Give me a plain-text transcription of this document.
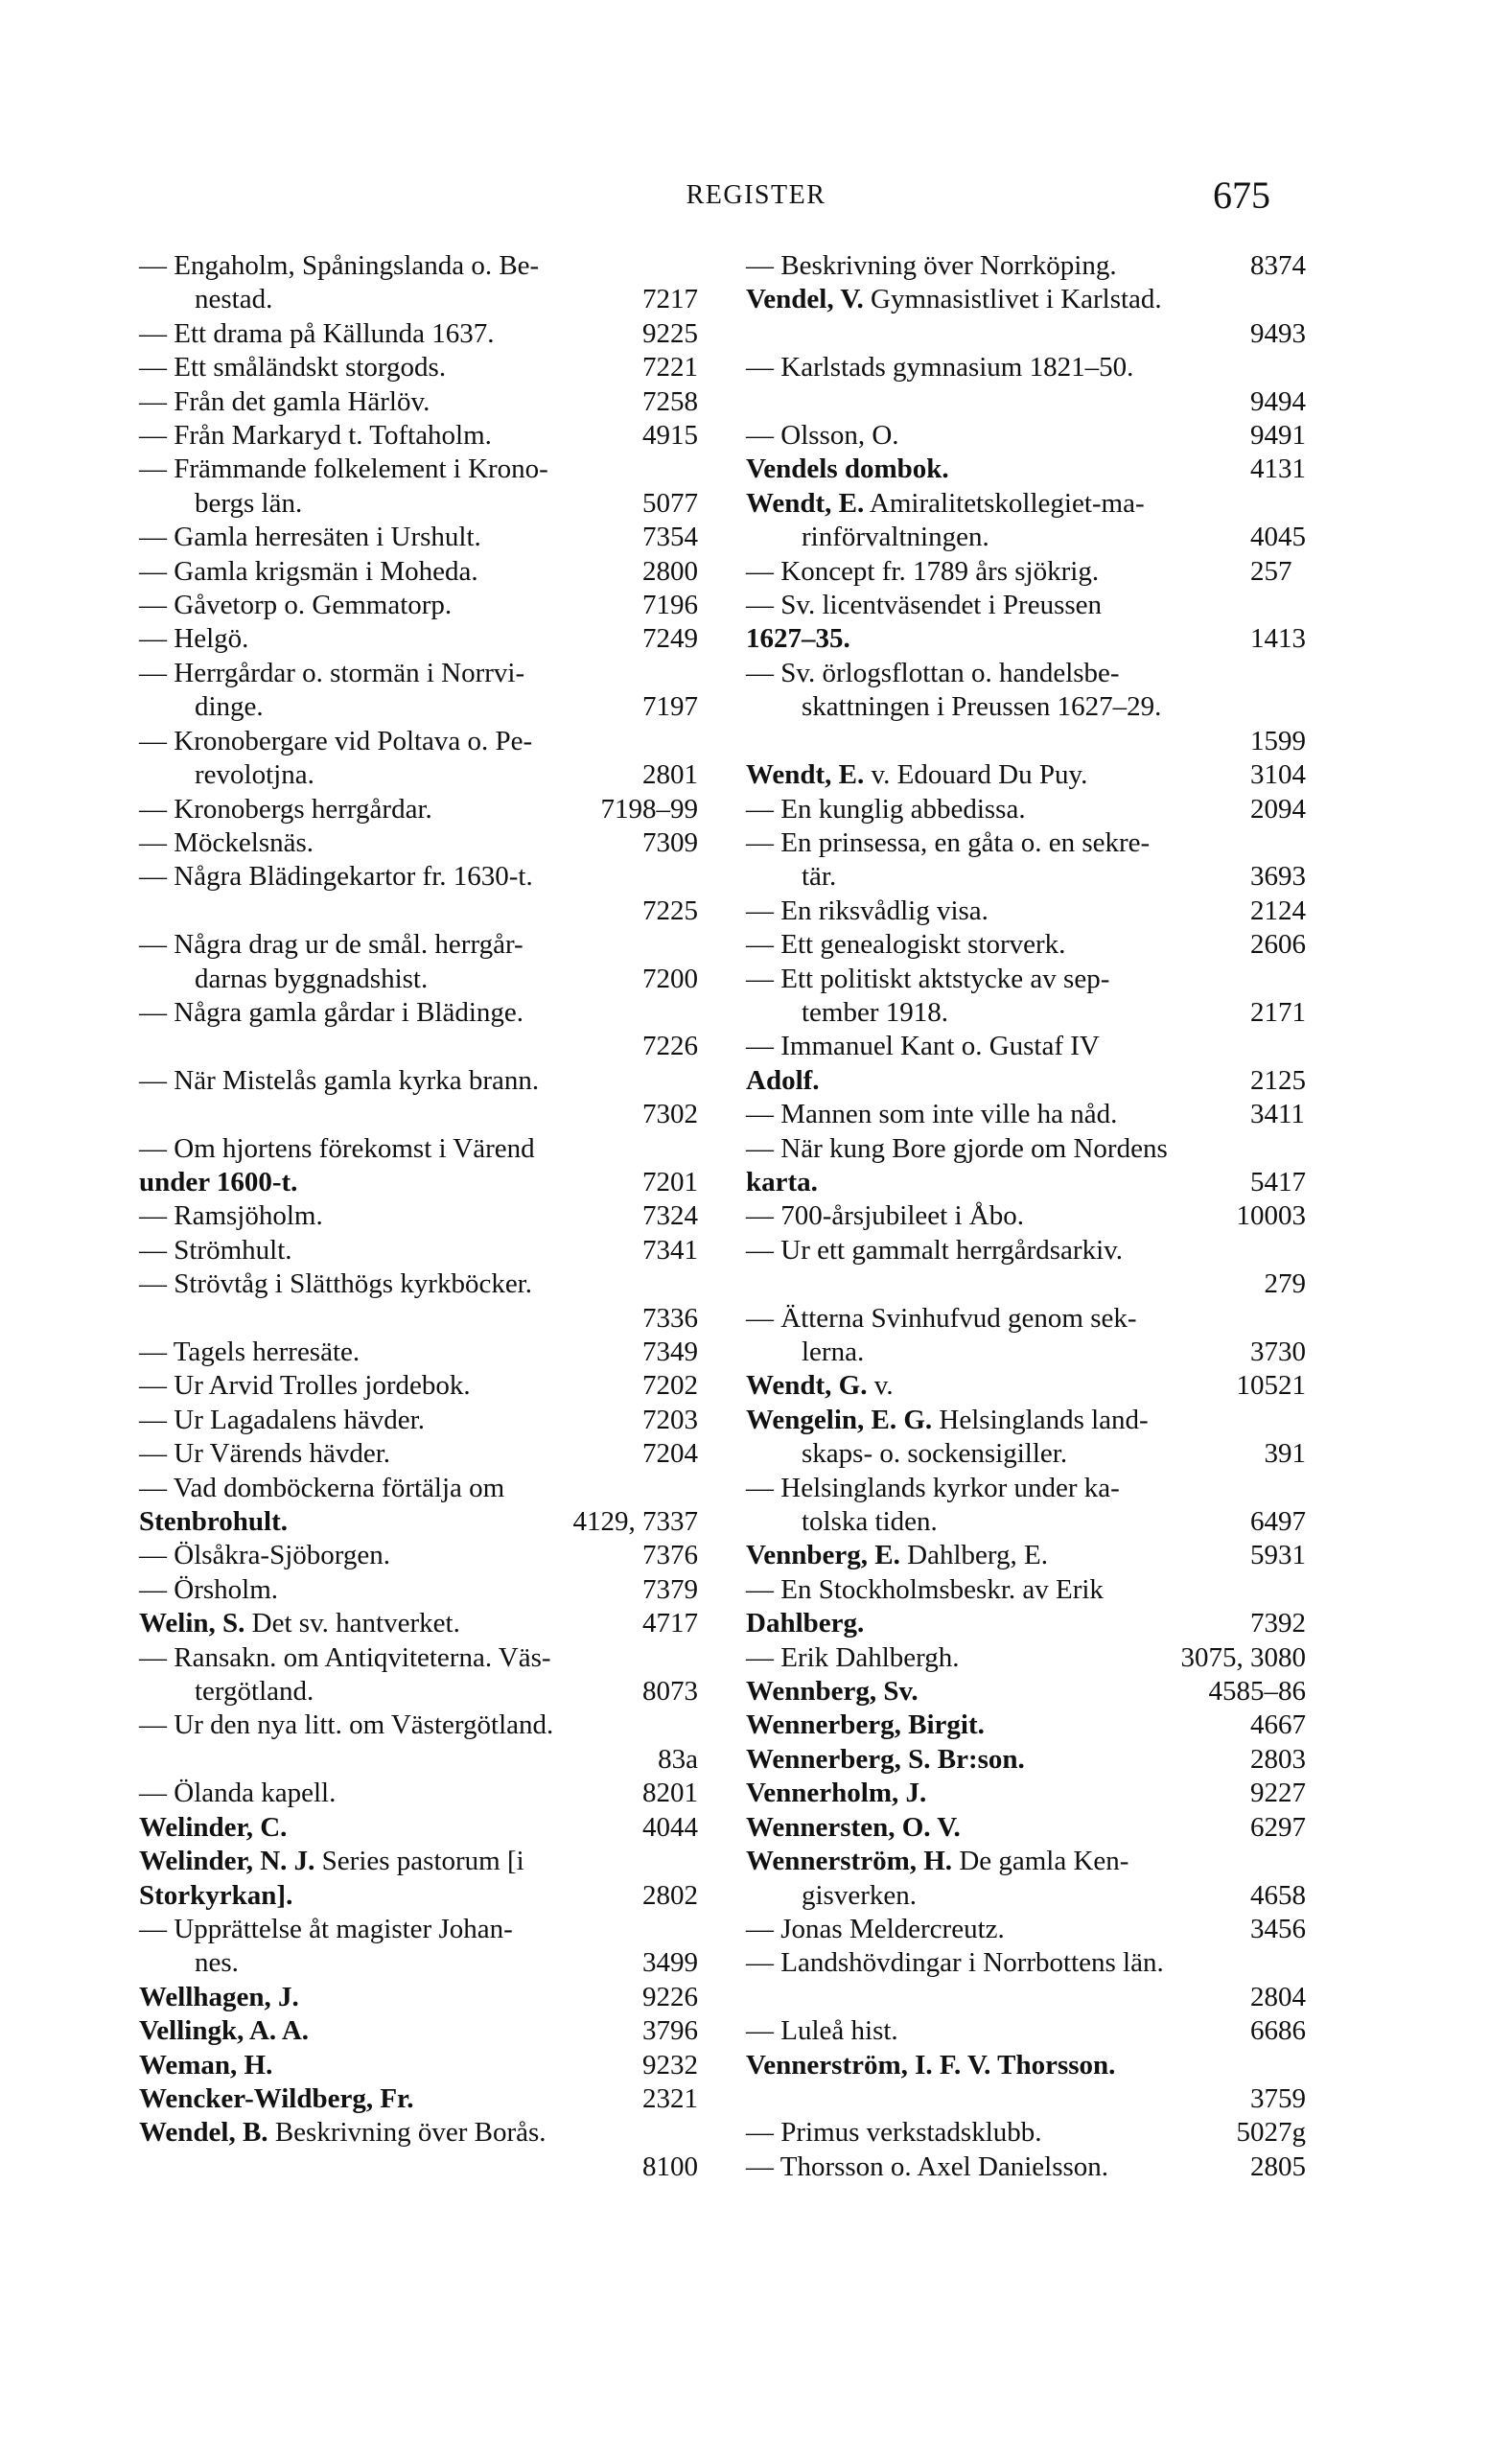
REGISTER	675
— Engaholm, Spåningslanda o. Be-
nestad.	7217
— Ett drama på Källunda 1637.	9225
— Ett småländskt storgods.	7221
— Från det gamla Härlöv.	7258
— Från Markaryd t. Toftaholm.	4915
— Främmande folkelement i Krono-
bergs län.	5077
— Gamla herresäten i Urshult.	7354
— Gamla krigsmän i Moheda.	2800
— Gåvetorp o. Gemmatorp.	7196
— Helgö.	7249
— Herrgårdar o. stormän i Norrvi-
dinge.	7197
— Kronobergare vid Poltava o. Pe-
revolotjna.	2801
— Kronobergs herrgårdar.	7198–99
— Möckelsnäs.	7309
— Några Blädingekartor fr. 1630-t.
7225
— Några drag ur de smål. herrgår-
darnas byggnadshist.	7200
— Några gamla gårdar i Blädinge.
7226
— När Mistelås gamla kyrka brann.
7302
— Om hjortens förekomst i Värend
under 1600-t.	7201
— Ramsjöholm.	7324
— Strömhult.	7341
— Strövtåg i Slätthögs kyrkböcker.
7336
— Tagels herresäte.	7349
— Ur Arvid Trolles jordebok.	7202
— Ur Lagadalens hävder.	7203
— Ur Värends hävder.	7204
— Vad domböckerna förtälja om
Stenbrohult.	4129, 7337
— Ölsåkra-Sjöborgen.	7376
— Örsholm.	7379
Welin, S. Det sv. hantverket.	4717
— Ransakn. om Antiqviteterna. Väs-
tergötland.	8073
— Ur den nya litt. om Västergötland.
83a
— Ölanda kapell.	8201
Welinder, C.	4044
Welinder, N. J. Series pastorum [i
Storkyrkan].	2802
— Upprättelse åt magister Johan-
nes.	3499
Wellhagen, J.	9226
Vellingk, A. A.	3796
Weman, H.	9232
Wencker-Wildberg, Fr.	2321
Wendel, B. Beskrivning över Borås.
8100
— Beskrivning över Norrköping.	8374
Vendel, V. Gymnasistlivet i Karlstad.
9493
— Karlstads gymnasium 1821–50.
9494
— Olsson, O.	9491
Vendels dombok.	4131
Wendt, E. Amiralitetskollegiet-ma-
rinförvaltningen.	4045
— Koncept fr. 1789 års sjökrig.	257
— Sv. licentväsendet i Preussen
1627–35.	1413
— Sv. örlogsflottan o. handelsbe-
skattningen i Preussen 1627–29.
1599
Wendt, E. v. Edouard Du Puy.	3104
— En kunglig abbedissa.	2094
— En prinsessa, en gåta o. en sekre-
tär.	3693
— En riksvådlig visa.	2124
— Ett genealogiskt storverk.	2606
— Ett politiskt aktstycke av sep-
tember 1918.	2171
— Immanuel Kant o. Gustaf IV
Adolf.	2125
— Mannen som inte ville ha nåd.	3411
— När kung Bore gjorde om Nordens
karta.	5417
— 700-årsjubileet i Åbo.	10003
— Ur ett gammalt herrgårdsarkiv.
279
— Ätterna Svinhufvud genom sek-
lerna.	3730
Wendt, G. v.	10521
Wengelin, E. G. Helsinglands land-
skaps- o. sockensigiller.	391
— Helsinglands kyrkor under ka-
tolska tiden.	6497
Vennberg, E. Dahlberg, E.	5931
— En Stockholmsbeskr. av Erik
Dahlberg.	7392
— Erik Dahlbergh.	3075, 3080
Wennberg, Sv.	4585–86
Wennerberg, Birgit.	4667
Wennerberg, S. Br:son.	2803
Vennerholm, J.	9227
Wennersten, O. V.	6297
Wennerström, H. De gamla Ken-
gisverken.	4658
— Jonas Meldercreutz.	3456
— Landshövdingar i Norrbottens län.
2804
— Luleå hist.	6686
Vennerström, I. F. V. Thorsson.
3759
— Primus verkstadsklubb.	5027g
— Thorsson o. Axel Danielsson.	2805
